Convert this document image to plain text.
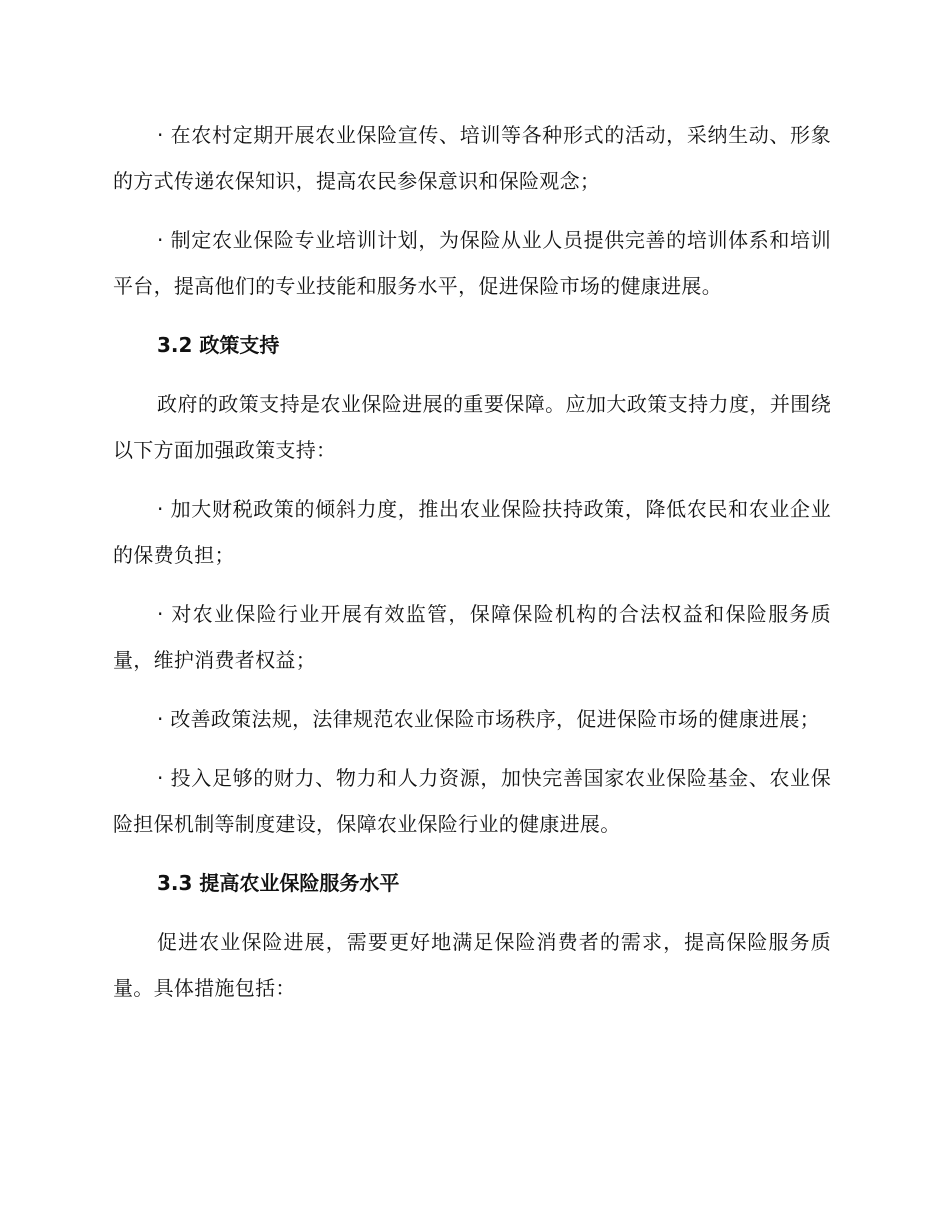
· 在农村定期开展农业保险宣传、培训等各种形式的活动，采纳生动、形象的方式传递农保知识，提高农民参保意识和保险观念；

· 制定农业保险专业培训计划，为保险从业人员提供完善的培训体系和培训平台，提高他们的专业技能和服务水平，促进保险市场的健康进展。

3.2 政策支持

政府的政策支持是农业保险进展的重要保障。应加大政策支持力度，并围绕以下方面加强政策支持：

· 加大财税政策的倾斜力度，推出农业保险扶持政策，降低农民和农业企业的保费负担；

· 对农业保险行业开展有效监管，保障保险机构的合法权益和保险服务质量，维护消费者权益；

· 改善政策法规，法律规范农业保险市场秩序，促进保险市场的健康进展；

· 投入足够的财力、物力和人力资源，加快完善国家农业保险基金、农业保险担保机制等制度建设，保障农业保险行业的健康进展。

3.3 提高农业保险服务水平

促进农业保险进展，需要更好地满足保险消费者的需求，提高保险服务质量。具体措施包括：
